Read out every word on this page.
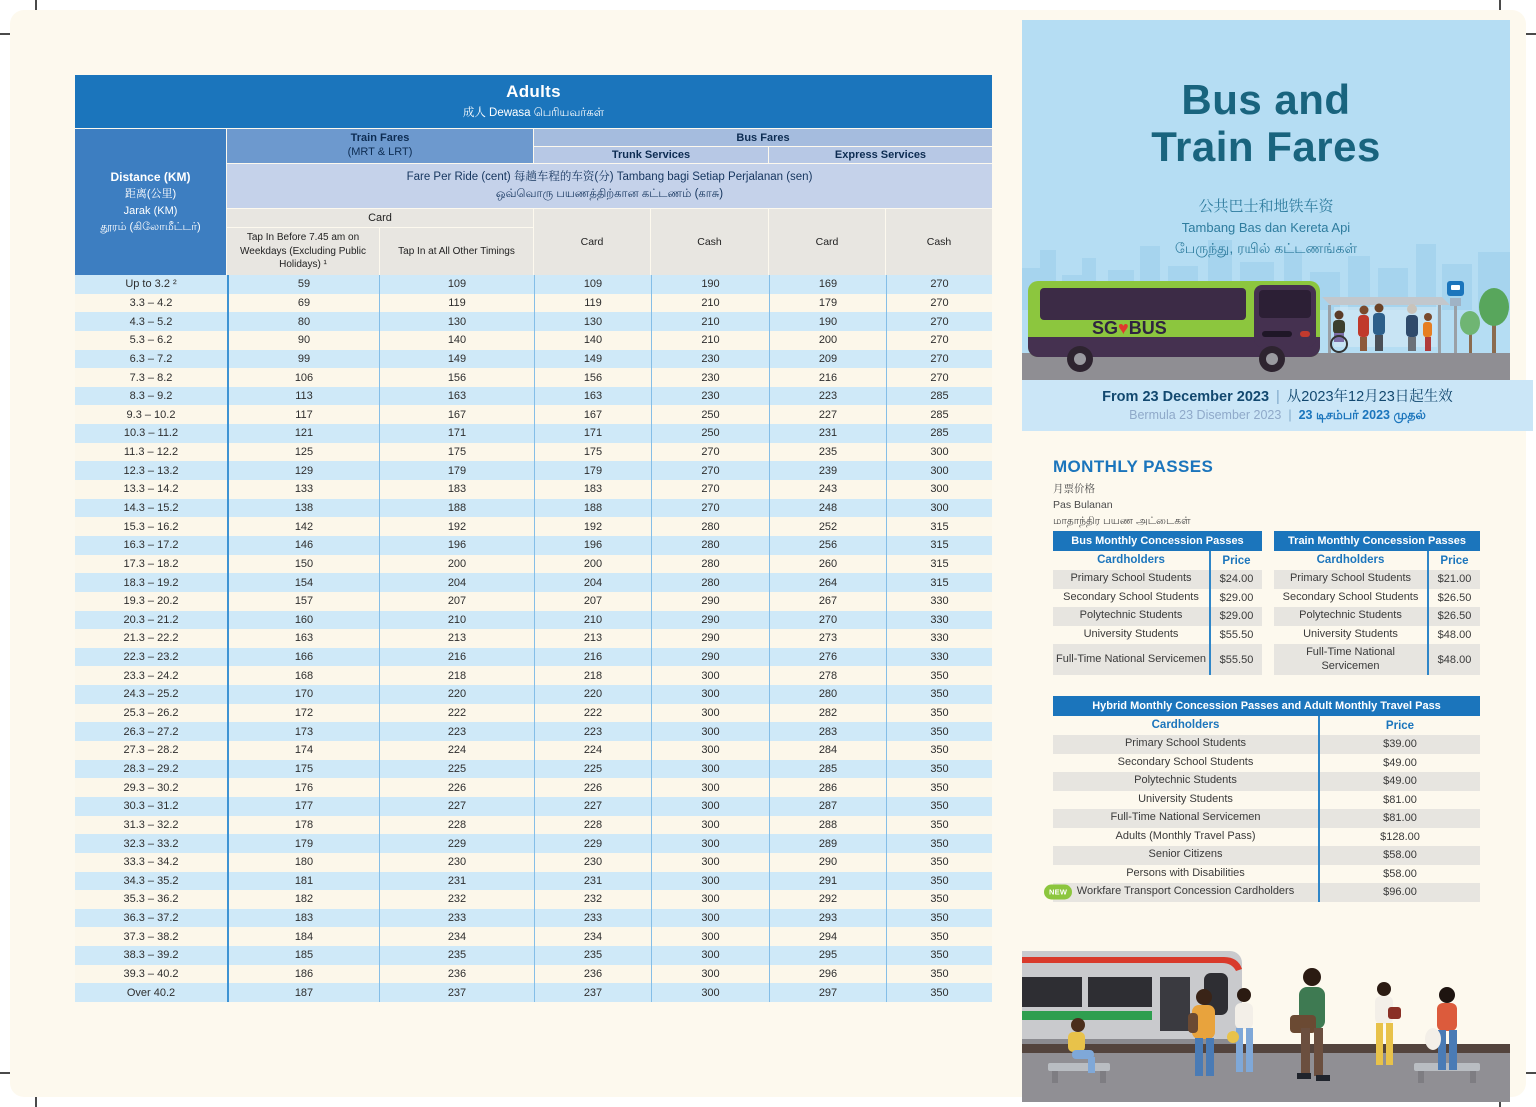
Adults
成人 Dewasa பெரியவர்கள்
Distance (KM)
距离(公里)
Jarak (KM)
தூரம் (கிலோமீட்டர்)
Train Fares
(MRT & LRT)
Bus Fares
Trunk Services	Express Services
Fare Per Ride (cent) 每趟车程的车资(分) Tambang bagi Setiap Perjalanan (sen)
ஒவ்வொரு பயணத்திற்கான கட்டணம் (காசு)
Card
Tap In Before 7.45 am on Weekdays (Excluding Public Holidays) ¹
Tap In at All Other Timings
Card	Cash	Card	Cash
Up to 3.2 ²	59	109	109	190	169	270
3.3 – 4.2	69	119	119	210	179	270
4.3 – 5.2	80	130	130	210	190	270
5.3 – 6.2	90	140	140	210	200	270
6.3 – 7.2	99	149	149	230	209	270
7.3 – 8.2	106	156	156	230	216	270
8.3 – 9.2	113	163	163	230	223	285
9.3 – 10.2	117	167	167	250	227	285
10.3 – 11.2	121	171	171	250	231	285
11.3 – 12.2	125	175	175	270	235	300
12.3 – 13.2	129	179	179	270	239	300
13.3 – 14.2	133	183	183	270	243	300
14.3 – 15.2	138	188	188	270	248	300
15.3 – 16.2	142	192	192	280	252	315
16.3 – 17.2	146	196	196	280	256	315
17.3 – 18.2	150	200	200	280	260	315
18.3 – 19.2	154	204	204	280	264	315
19.3 – 20.2	157	207	207	290	267	330
20.3 – 21.2	160	210	210	290	270	330
21.3 – 22.2	163	213	213	290	273	330
22.3 – 23.2	166	216	216	290	276	330
23.3 – 24.2	168	218	218	300	278	350
24.3 – 25.2	170	220	220	300	280	350
25.3 – 26.2	172	222	222	300	282	350
26.3 – 27.2	173	223	223	300	283	350
27.3 – 28.2	174	224	224	300	284	350
28.3 – 29.2	175	225	225	300	285	350
29.3 – 30.2	176	226	226	300	286	350
30.3 – 31.2	177	227	227	300	287	350
31.3 – 32.2	178	228	228	300	288	350
32.3 – 33.2	179	229	229	300	289	350
33.3 – 34.2	180	230	230	300	290	350
34.3 – 35.2	181	231	231	300	291	350
35.3 – 36.2	182	232	232	300	292	350
36.3 – 37.2	183	233	233	300	293	350
37.3 – 38.2	184	234	234	300	294	350
38.3 – 39.2	185	235	235	300	295	350
39.3 – 40.2	186	236	236	300	296	350
Over 40.2	187	237	237	300	297	350
Bus and
Train Fares
公共巴士和地铁车资
Tambang Bas dan Kereta Api
பேருந்து, ரயில் கட்டணங்கள்
SG♥BUS
From 23 December 2023 | 从2023年12月23日起生效
Bermula 23 Disember 2023 | 23 டிசம்பர் 2023 முதல்
MONTHLY PASSES
月票价格
Pas Bulanan
மாதாந்திர பயண அட்டைகள்
Bus Monthly Concession Passes
Cardholders	Price
Primary School Students	$24.00
Secondary School Students	$29.00
Polytechnic Students	$29.00
University Students	$55.50
Full-Time National Servicemen	$55.50
Train Monthly Concession Passes
Cardholders	Price
Primary School Students	$21.00
Secondary School Students	$26.50
Polytechnic Students	$26.50
University Students	$48.00
Full-Time National Servicemen	$48.00
Hybrid Monthly Concession Passes and Adult Monthly Travel Pass
Cardholders	Price
Primary School Students	$39.00
Secondary School Students	$49.00
Polytechnic Students	$49.00
University Students	$81.00
Full-Time National Servicemen	$81.00
Adults (Monthly Travel Pass)	$128.00
Senior Citizens	$58.00
Persons with Disabilities	$58.00
Workfare Transport Concession Cardholders	$96.00
NEW
